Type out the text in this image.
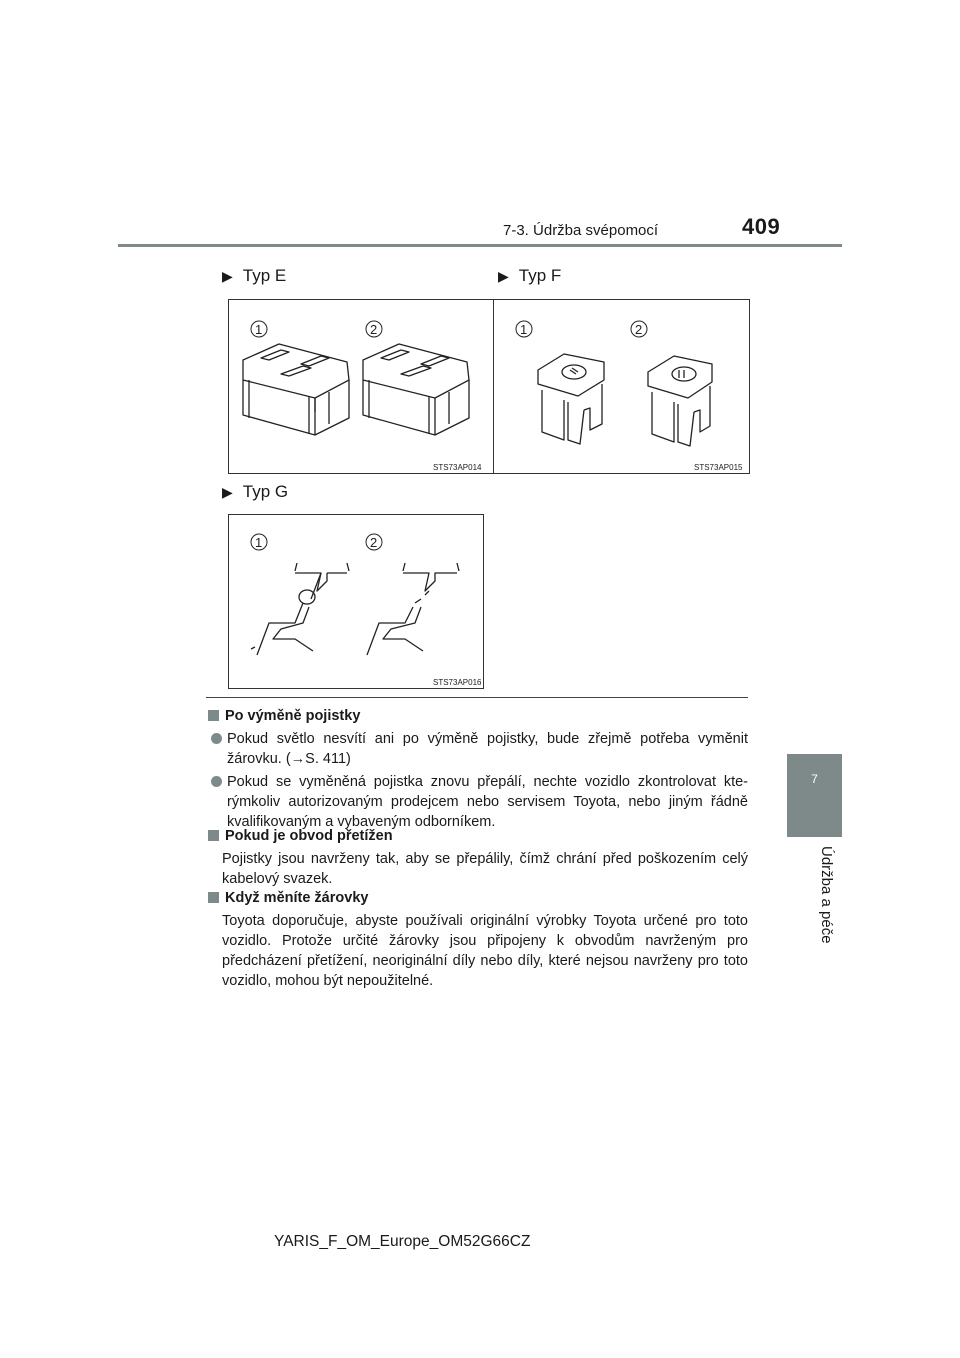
7-3. Údržba svépomocí	409
7
Údržba a péče
▶ Typ E	▶ Typ F
▶ Typ G
1	2
STS73AP014
1	2
STS73AP015
1	2
STS73AP016
Po výměně pojistky
Pokud světlo nesvítí ani po výměně pojistky, bude zřejmě potřeba vyměnit žárovku. (→S. 411)
Pokud se vyměněná pojistka znovu přepálí, nechte vozidlo zkontrolovat kte-rýmkoliv autorizovaným prodejcem nebo servisem Toyota, nebo jiným řádně kvalifikovaným a vybaveným odborníkem.
Pokud je obvod přetížen
Pojistky jsou navrženy tak, aby se přepálily, čímž chrání před poškozením celý kabelový svazek.
Když měníte žárovky
Toyota doporučuje, abyste používali originální výrobky Toyota určené pro toto vozidlo. Protože určité žárovky jsou připojeny k obvodům navrženým pro předcházení přetížení, neoriginální díly nebo díly, které nejsou navrženy pro toto vozidlo, mohou být nepoužitelné.
YARIS_F_OM_Europe_OM52G66CZ
